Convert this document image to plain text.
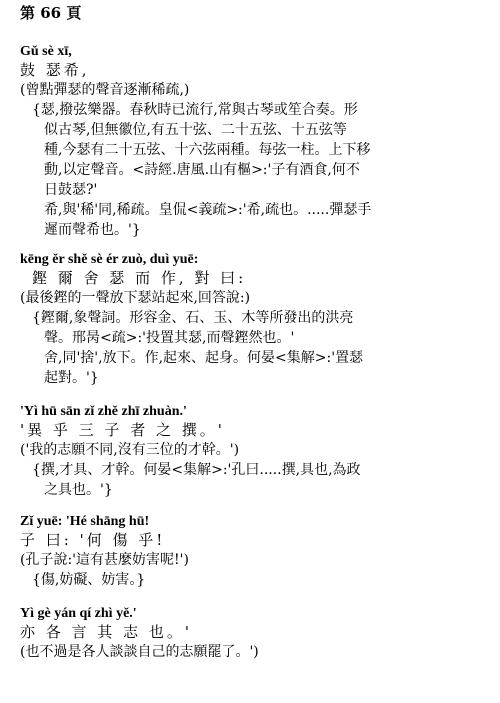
第 66 頁
Gǔ sè xī,
鼓 瑟希,
(曾點彈瑟的聲音逐漸稀疏,)
{瑟,撥弦樂器。春秋時已流行,常與古琴或笙合奏。形
似古琴,但無徽位,有五十弦、二十五弦、十五弦等
種,今瑟有二十五弦、十六弦兩種。每弦一柱。上下移
動,以定聲音。<詩經.唐風.山有樞>:'子有酒食,何不
日鼓瑟?'
希,與'稀'同,稀疏。皇侃<義疏>:'希,疏也。.....彈瑟手
遲而聲希也。'}
kēng ěr shě sè ér zuò, duì yuē:
鏗 爾 舍 瑟 而 作, 對 曰:
(最後鏗的一聲放下瑟站起來,回答說:)
{鏗爾,象聲詞。形容金、石、玉、木等所發出的洪亮
聲。邢昺<疏>:'投置其瑟,而聲鏗然也。'
舍,同'捨',放下。作,起來、起身。何晏<集解>:'置瑟
起對。'}
'Yì hū sān zǐ zhě zhī zhuàn.'
'異 乎 三 子 者 之 撰。'
('我的志願不同,沒有三位的才幹。')
{撰,才具、才幹。何晏<集解>:'孔曰.....撰,具也,為政
之具也。'}
Zǐ yuē: 'Hé shāng hū!
子 曰: '何 傷 乎!
(孔子說:'這有甚麼妨害呢!')
{傷,妨礙、妨害。}
Yì gè yán qí zhì yě.'
亦 各 言 其 志 也。'
(也不過是各人談談自己的志願罷了。')
